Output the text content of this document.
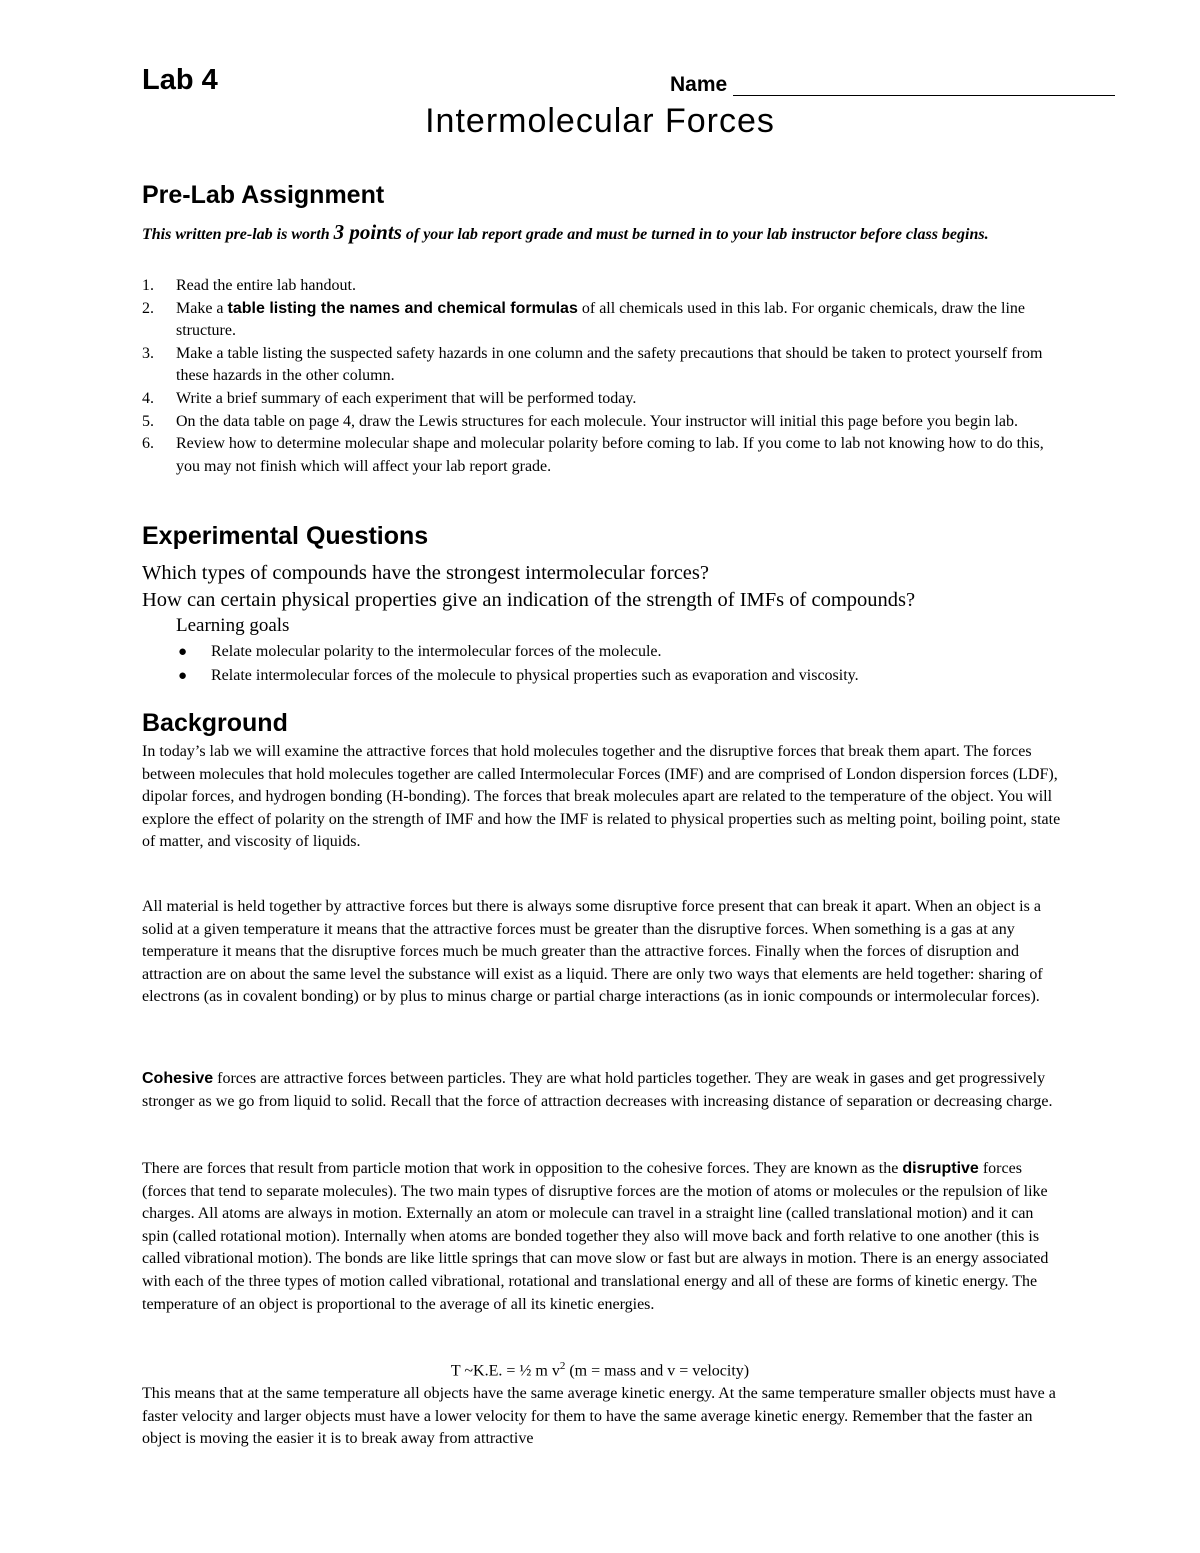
Lab 4	Name
Intermolecular Forces
Pre-Lab Assignment
This written pre-lab is worth 3 points of your lab report grade and must be turned in to your lab instructor before class begins.
1. Read the entire lab handout.
2. Make a table listing the names and chemical formulas of all chemicals used in this lab. For organic chemicals, draw the line structure.
3. Make a table listing the suspected safety hazards in one column and the safety precautions that should be taken to protect yourself from these hazards in the other column.
4. Write a brief summary of each experiment that will be performed today.
5. On the data table on page 4, draw the Lewis structures for each molecule. Your instructor will initial this page before you begin lab.
6. Review how to determine molecular shape and molecular polarity before coming to lab. If you come to lab not knowing how to do this, you may not finish which will affect your lab report grade.
Experimental Questions
Which types of compounds have the strongest intermolecular forces?
How can certain physical properties give an indication of the strength of IMFs of compounds?
Learning goals
● Relate molecular polarity to the intermolecular forces of the molecule.
● Relate intermolecular forces of the molecule to physical properties such as evaporation and viscosity.
Background

In today’s lab we will examine the attractive forces that hold molecules together and the disruptive forces that break them apart. The forces between molecules that hold molecules together are called Intermolecular Forces (IMF) and are comprised of London dispersion forces (LDF), dipolar forces, and hydrogen bonding (H-bonding). The forces that break molecules apart are related to the temperature of the object. You will explore the effect of polarity on the strength of IMF and how the IMF is related to physical properties such as melting point, boiling point, state of matter, and viscosity of liquids.

All material is held together by attractive forces but there is always some disruptive force present that can break it apart. When an object is a solid at a given temperature it means that the attractive forces must be greater than the disruptive forces. When something is a gas at any temperature it means that the disruptive forces much be much greater than the attractive forces. Finally when the forces of disruption and attraction are on about the same level the substance will exist as a liquid. There are only two ways that elements are held together: sharing of electrons (as in covalent bonding) or by plus to minus charge or partial charge interactions (as in ionic compounds or intermolecular forces).

Cohesive forces are attractive forces between particles. They are what hold particles together. They are weak in gases and get progressively stronger as we go from liquid to solid. Recall that the force of attraction decreases with increasing distance of separation or decreasing charge.

There are forces that result from particle motion that work in opposition to the cohesive forces. They are known as the disruptive forces (forces that tend to separate molecules). The two main types of disruptive forces are the motion of atoms or molecules or the repulsion of like charges. All atoms are always in motion. Externally an atom or molecule can travel in a straight line (called translational motion) and it can spin (called rotational motion). Internally when atoms are bonded together they also will move back and forth relative to one another (this is called vibrational motion). The bonds are like little springs that can move slow or fast but are always in motion. There is an energy associated with each of the three types of motion called vibrational, rotational and translational energy and all of these are forms of kinetic energy. The temperature of an object is proportional to the average of all its kinetic energies.

T ~K.E. = ½ m $v^2$ (m = mass and v = velocity)

This means that at the same temperature all objects have the same average kinetic energy. At the same temperature smaller objects must have a faster velocity and larger objects must have a lower velocity for them to have the same average kinetic energy. Remember that the faster an object is moving the easier it is to break away from attractive
